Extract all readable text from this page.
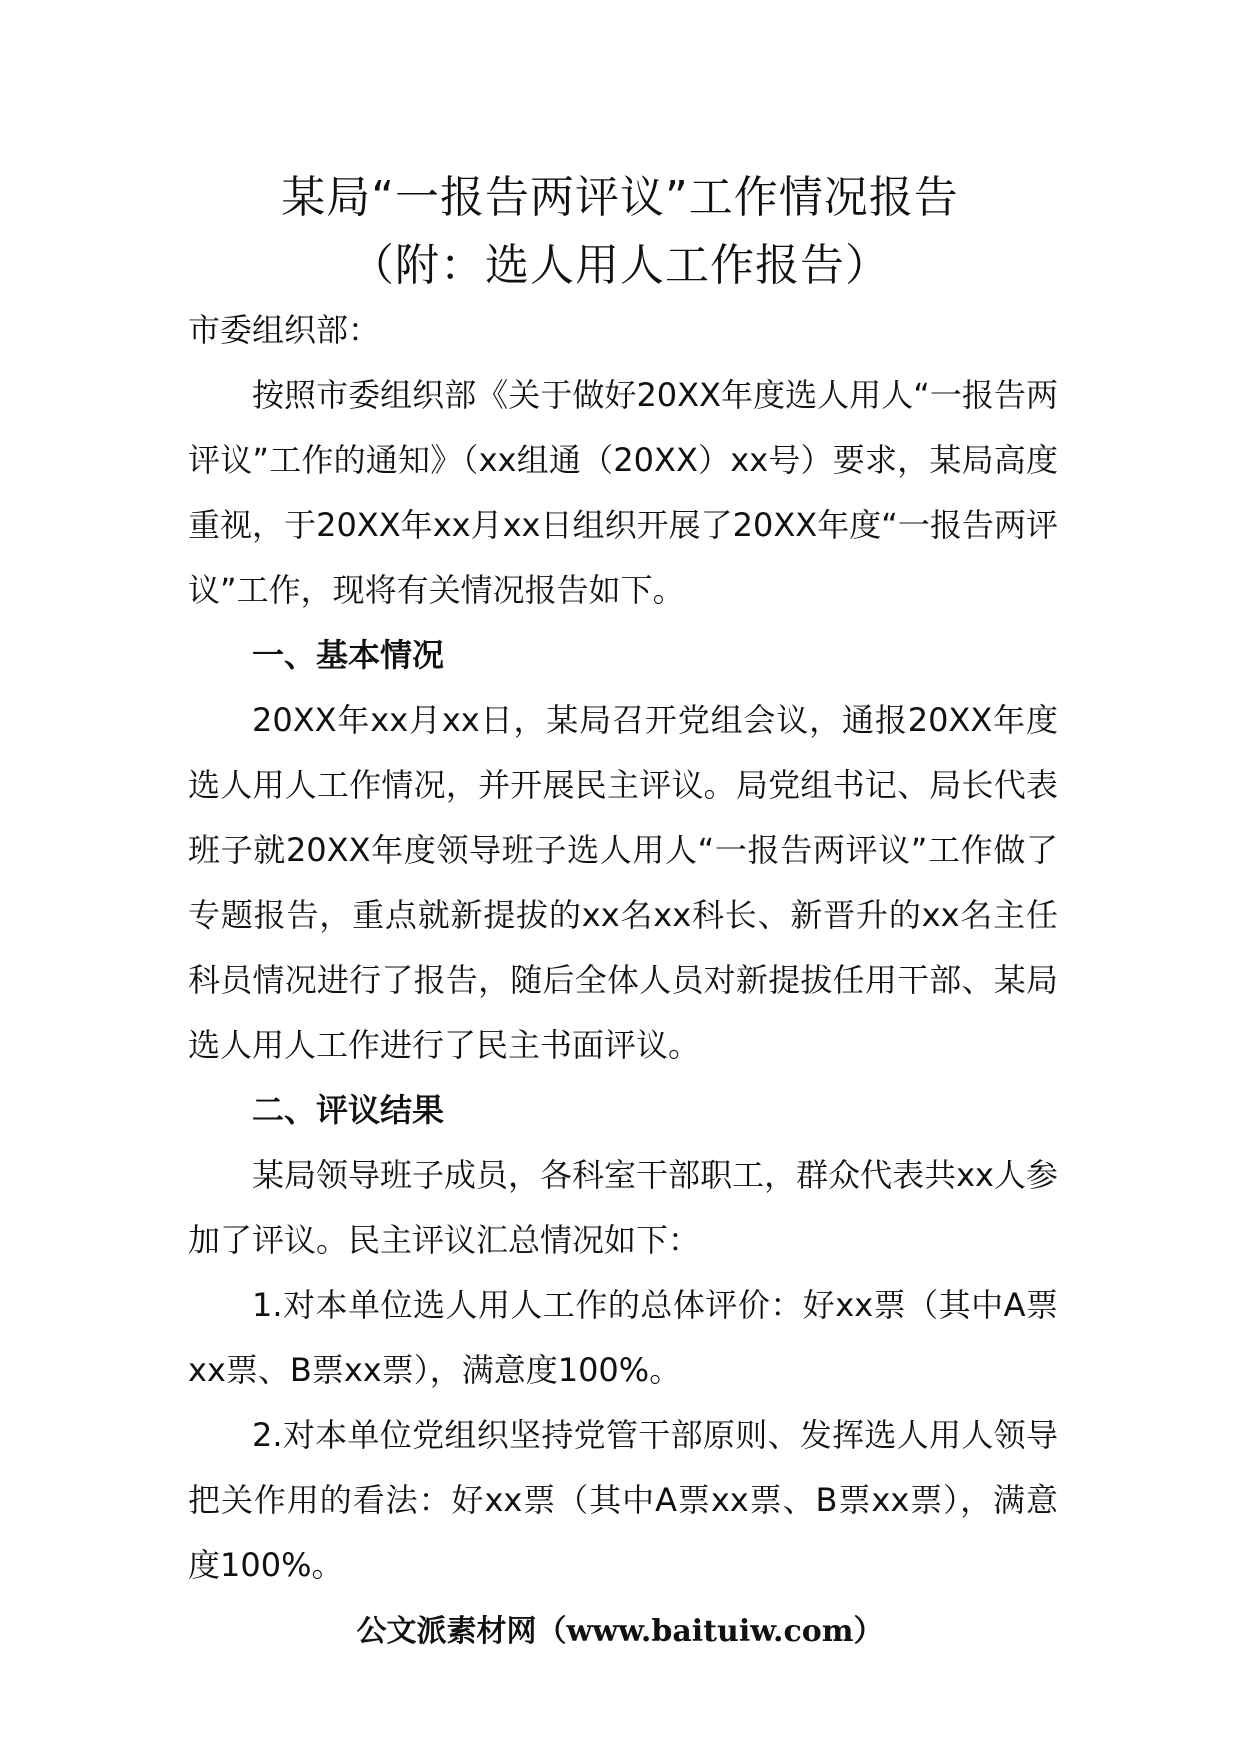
某局“一报告两评议”工作情况报告
（附：选人用人工作报告）

市委组织部：

按照市委组织部《关于做好20XX年度选人用人“一报告两评议”工作的通知》（xx组通（20XX）xx号）要求，某局高度重视，于20XX年xx月xx日组织开展了20XX年度“一报告两评议”工作，现将有关情况报告如下。

一、基本情况

20XX年xx月xx日，某局召开党组会议，通报20XX年度选人用人工作情况，并开展民主评议。局党组书记、局长代表班子就20XX年度领导班子选人用人“一报告两评议”工作做了专题报告，重点就新提拔的xx名xx科长、新晋升的xx名主任科员情况进行了报告，随后全体人员对新提拔任用干部、某局选人用人工作进行了民主书面评议。

二、评议结果

某局领导班子成员，各科室干部职工，群众代表共xx人参加了评议。民主评议汇总情况如下：

1.对本单位选人用人工作的总体评价：好xx票（其中A票xx票、B票xx票），满意度100%。

2.对本单位党组织坚持党管干部原则、发挥选人用人领导把关作用的看法：好xx票（其中A票xx票、B票xx票），满意度100%。

公文派素材网（www.baituiw.com）
